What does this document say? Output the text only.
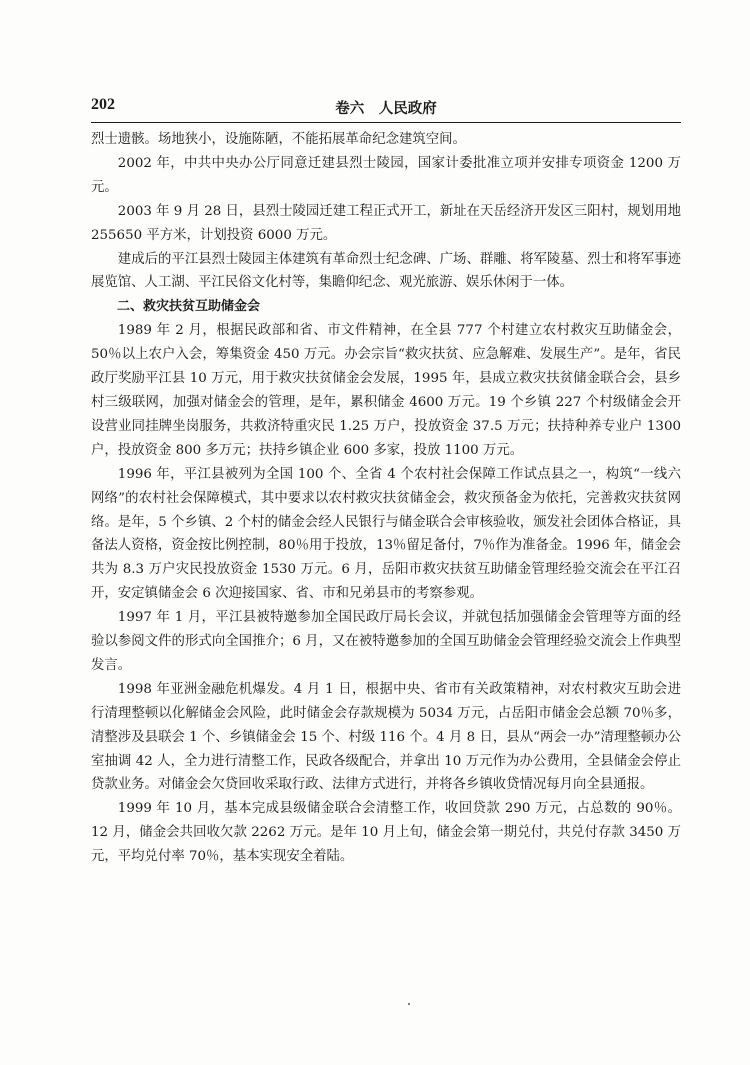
202	卷六　人民政府

烈士遗骸。场地狭小，设施陈陋，不能拓展革命纪念建筑空间。

2002 年，中共中央办公厅同意迁建县烈士陵园，国家计委批准立项并安排专项资金 1200 万元。

2003 年 9 月 28 日，县烈士陵园迁建工程正式开工，新址在天岳经济开发区三阳村，规划用地 255650 平方米，计划投资 6000 万元。

建成后的平江县烈士陵园主体建筑有革命烈士纪念碑、广场、群雕、将军陵墓、烈士和将军事迹展览馆、人工湖、平江民俗文化村等，集瞻仰纪念、观光旅游、娱乐休闲于一体。

二、救灾扶贫互助储金会

1989 年 2 月，根据民政部和省、市文件精神，在全县 777 个村建立农村救灾互助储金会，50％以上农户入会，筹集资金 450 万元。办会宗旨“救灾扶贫、应急解难、发展生产”。是年，省民政厅奖励平江县 10 万元，用于救灾扶贫储金会发展，1995 年，县成立救灾扶贫储金联合会，县乡村三级联网，加强对储金会的管理，是年，累积储金 4600 万元。19 个乡镇 227 个村级储金会开设营业同挂牌坐岗服务，共救济特重灾民 1.25 万户，投放资金 37.5 万元；扶持种养专业户 1300 户，投放资金 800 多万元；扶持乡镇企业 600 多家，投放 1100 万元。

1996 年，平江县被列为全国 100 个、全省 4 个农村社会保障工作试点县之一，构筑“一线六网络”的农村社会保障模式，其中要求以农村救灾扶贫储金会，救灾预备金为依托，完善救灾扶贫网络。是年，5 个乡镇、2 个村的储金会经人民银行与储金联合会审核验收，颁发社会团体合格证，具备法人资格，资金按比例控制，80％用于投放，13％留足备付，7％作为准备金。1996 年，储金会共为 8.3 万户灾民投放资金 1530 万元。6 月，岳阳市救灾扶贫互助储金管理经验交流会在平江召开，安定镇储金会 6 次迎接国家、省、市和兄弟县市的考察参观。

1997 年 1 月，平江县被特邀参加全国民政厅局长会议，并就包括加强储金会管理等方面的经验以参阅文件的形式向全国推介；6 月，又在被特邀参加的全国互助储金会管理经验交流会上作典型发言。

1998 年亚洲金融危机爆发。4 月 1 日，根据中央、省市有关政策精神，对农村救灾互助会进行清理整顿以化解储金会风险，此时储金会存款规模为 5034 万元，占岳阳市储金会总额 70％多，清整涉及县联会 1 个、乡镇储金会 15 个、村级 116 个。4 月 8 日，县从“两会一办”清理整顿办公室抽调 42 人，全力进行清整工作，民政各级配合，并拿出 10 万元作为办公费用，全县储金会停止贷款业务。对储金会欠贷回收采取行政、法律方式进行，并将各乡镇收贷情况每月向全县通报。

1999 年 10 月，基本完成县级储金联合会清整工作，收回贷款 290 万元，占总数的 90％。12 月，储金会共回收欠款 2262 万元。是年 10 月上旬，储金会第一期兑付，共兑付存款 3450 万元，平均兑付率 70％，基本实现安全着陆。
